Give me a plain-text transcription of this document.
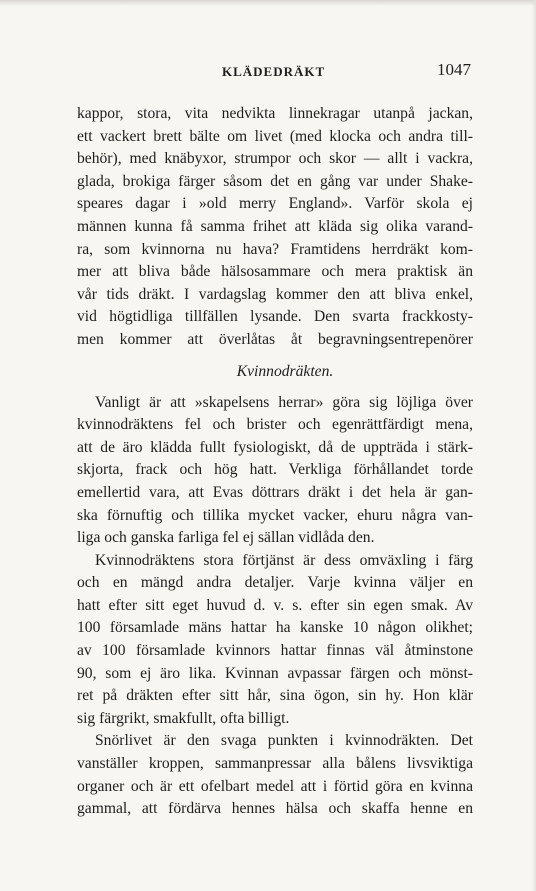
KLÄDEDRÄKT	1047
kappor, stora, vita nedvikta linnekragar utanpå jackan,
ett vackert brett bälte om livet (med klocka och andra till-
behör), med knäbyxor, strumpor och skor — allt i vackra,
glada, brokiga färger såsom det en gång var under Shake-
speares dagar i »old merry England». Varför skola ej
männen kunna få samma frihet att kläda sig olika varand-
ra, som kvinnorna nu hava? Framtidens herrdräkt kom-
mer att bliva både hälsosammare och mera praktisk än
vår tids dräkt. I vardagslag kommer den att bliva enkel,
vid högtidliga tillfällen lysande. Den svarta frackkosty-
men kommer att överlåtas åt begravningsentrepenörer
Kvinnodräkten.
Vanligt är att »skapelsens herrar» göra sig löjliga över
kvinnodräktens fel och brister och egenrättfärdigt mena,
att de äro klädda fullt fysiologiskt, då de uppträda i stärk-
skjorta, frack och hög hatt. Verkliga förhållandet torde
emellertid vara, att Evas döttrars dräkt i det hela är gan-
ska förnuftig och tillika mycket vacker, ehuru några van-
liga och ganska farliga fel ej sällan vidlåda den.
Kvinnodräktens stora förtjänst är dess omväxling i färg
och en mängd andra detaljer. Varje kvinna väljer en
hatt efter sitt eget huvud d. v. s. efter sin egen smak. Av
100 församlade mäns hattar ha kanske 10 någon olikhet;
av 100 församlade kvinnors hattar finnas väl åtminstone
90, som ej äro lika. Kvinnan avpassar färgen och mönst-
ret på dräkten efter sitt hår, sina ögon, sin hy. Hon klär
sig färgrikt, smakfullt, ofta billigt.
Snörlivet är den svaga punkten i kvinnodräkten. Det
vanställer kroppen, sammanpressar alla bålens livsviktiga
organer och är ett ofelbart medel att i förtid göra en kvinna
gammal, att fördärva hennes hälsa och skaffa henne en
